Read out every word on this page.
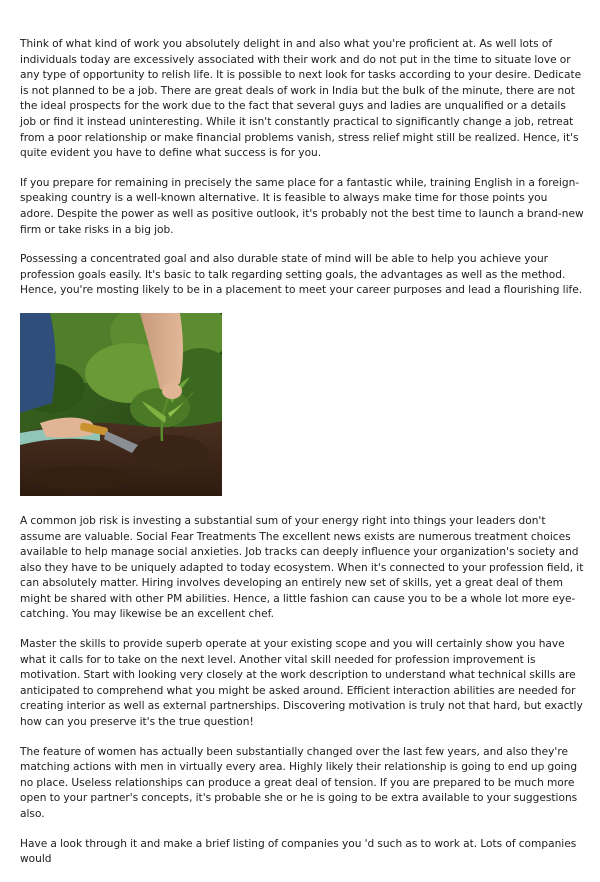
Think of what kind of work you absolutely delight in and also what you're proficient at. As well lots of individuals today are excessively associated with their work and do not put in the time to situate love or any type of opportunity to relish life. It is possible to next look for tasks according to your desire. Dedicate is not planned to be a job. There are great deals of work in India but the bulk of the minute, there are not the ideal prospects for the work due to the fact that several guys and ladies are unqualified or a details job or find it instead uninteresting. While it isn't constantly practical to significantly change a job, retreat from a poor relationship or make financial problems vanish, stress relief might still be realized. Hence, it's quite evident you have to define what success is for you.

If you prepare for remaining in precisely the same place for a fantastic while, training English in a foreign-speaking country is a well-known alternative. It is feasible to always make time for those points you adore. Despite the power as well as positive outlook, it's probably not the best time to launch a brand-new firm or take risks in a big job.

Possessing a concentrated goal and also durable state of mind will be able to help you achieve your profession goals easily. It's basic to talk regarding setting goals, the advantages as well as the method. Hence, you're mosting likely to be in a placement to meet your career purposes and lead a flourishing life.

A common job risk is investing a substantial sum of your energy right into things your leaders don't assume are valuable. Social Fear Treatments The excellent news exists are numerous treatment choices available to help manage social anxieties. Job tracks can deeply influence your organization's society and also they have to be uniquely adapted to today ecosystem. When it's connected to your profession field, it can absolutely matter. Hiring involves developing an entirely new set of skills, yet a great deal of them might be shared with other PM abilities. Hence, a little fashion can cause you to be a whole lot more eye-catching. You may likewise be an excellent chef.

Master the skills to provide superb operate at your existing scope and you will certainly show you have what it calls for to take on the next level. Another vital skill needed for profession improvement is motivation. Start with looking very closely at the work description to understand what technical skills are anticipated to comprehend what you might be asked around. Efficient interaction abilities are needed for creating interior as well as external partnerships. Discovering motivation is truly not that hard, but exactly how can you preserve it's the true question!

The feature of women has actually been substantially changed over the last few years, and also they're matching actions with men in virtually every area. Highly likely their relationship is going to end up going no place. Useless relationships can produce a great deal of tension. If you are prepared to be much more open to your partner's concepts, it's probable she or he is going to be extra available to your suggestions also.

Have a look through it and make a brief listing of companies you 'd such as to work at. Lots of companies would
